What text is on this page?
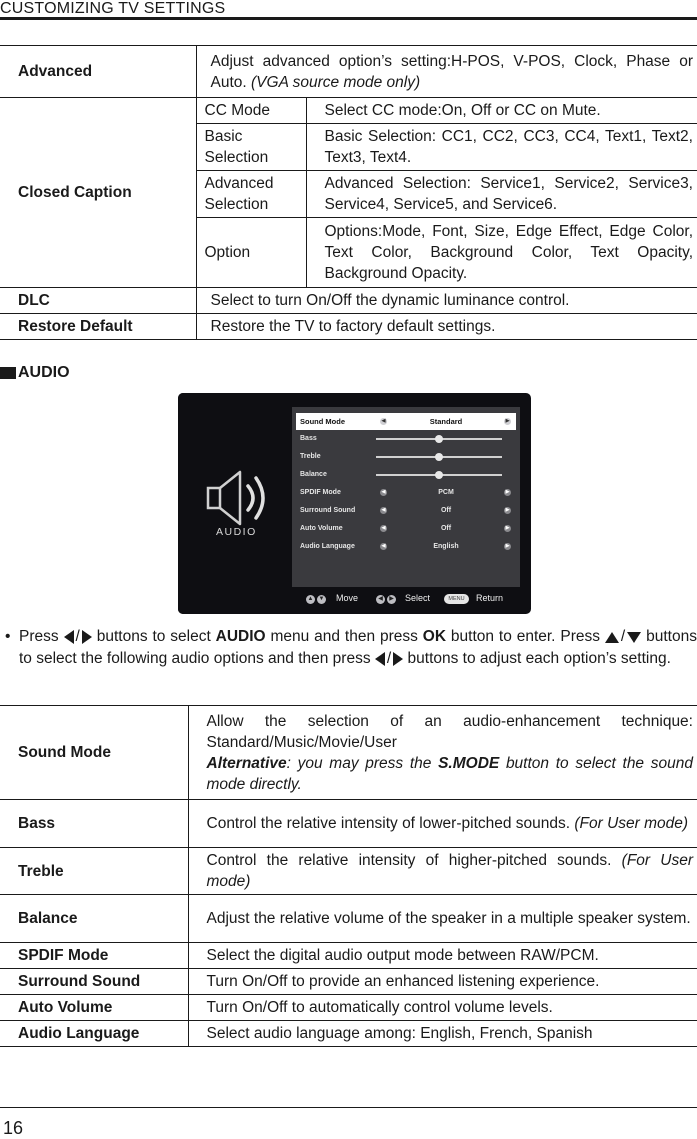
CUSTOMIZING TV SETTINGS
Advanced	Adjust advanced option’s setting:H-POS, V-POS, Clock, Phase or Auto. (VGA source mode only)	
Closed Caption	CC Mode	Select CC mode:On, Off or CC on Mute.
	Basic Selection	Basic Selection: CC1, CC2, CC3, CC4, Text1, Text2, Text3, Text4.
	Advanced Selection	Advanced Selection: Service1, Service2, Service3, Service4, Service5, and Service6.
	Option	Options:Mode, Font, Size, Edge Effect, Edge Color, Text Color, Background Color, Text Opacity, Background Opacity.
DLC	Select to turn On/Off the dynamic luminance control.	
Restore Default	Restore the TV to factory default settings.	
AUDIO
AUDIO
Sound Mode	◀	Standard	▶
Bass
Treble
Balance
SPDIF Mode	◀	PCM	▶
Surround Sound	◀	Off	▶
Auto Volume	◀	Off	▶
Audio Language	◀	English	▶
▲ ▼ Move	◀	▶ Select	MENU	Return
• Press / buttons to select AUDIO menu and then press OK button to enter. Press / buttons to select the following audio options and then press / buttons to adjust each option’s setting.
Sound Mode	Allow the selection of an audio-enhancement technique: Standard/Music/Movie/User
Alternative: you may press the S.MODE button to select the sound mode directly.
Bass	Control the relative intensity of lower-pitched sounds. (For User mode)
Treble	Control the relative intensity of higher-pitched sounds. (For User mode)
Balance	Adjust the relative volume of the speaker in a multiple speaker system.
SPDIF Mode	Select the digital audio output mode between RAW/PCM.
Surround Sound	Turn On/Off to provide an enhanced listening experience.
Auto Volume	Turn On/Off to automatically control volume levels.
Audio Language	Select audio language among: English, French, Spanish
16
